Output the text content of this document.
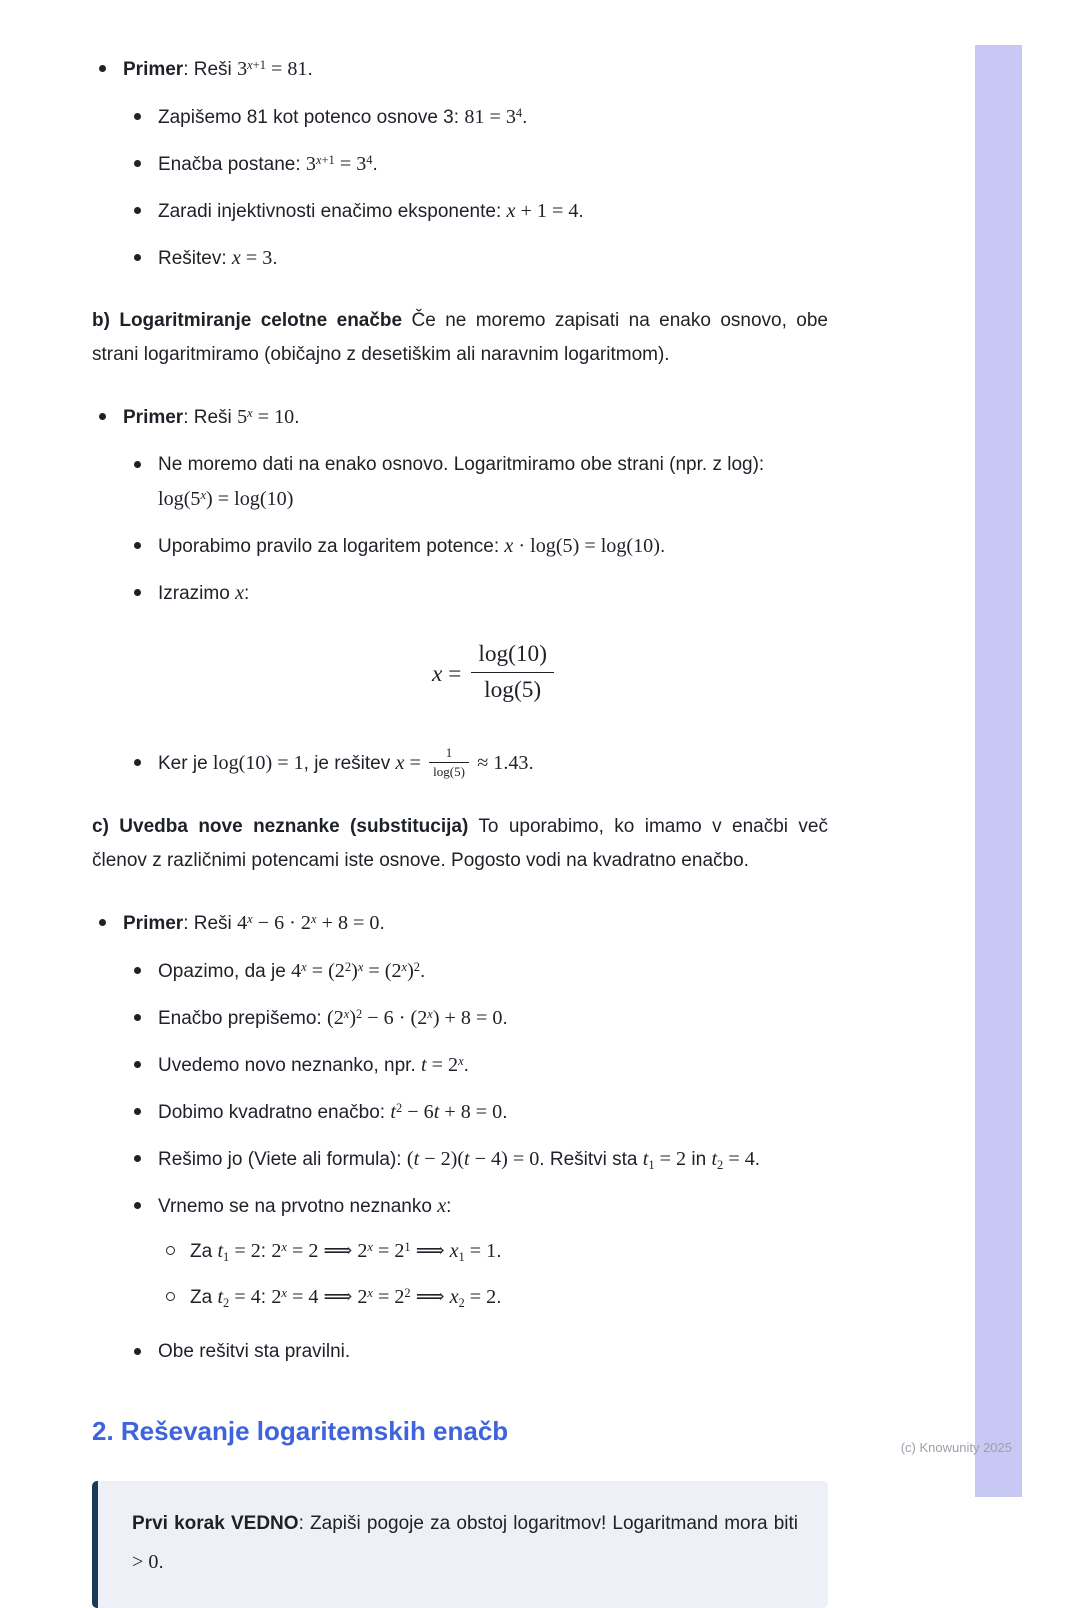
Primer: Reši $3^{x+1} = 81$.
Zapišemo 81 kot potenco osnove 3: $81 = 3^4$.
Enačba postane: $3^{x+1} = 3^4$.
Zaradi injektivnosti enačimo eksponente: x + 1 = 4.
Rešitev: x = 3.

b) Logaritmiranje celotne enačbe Če ne moremo zapisati na enako osnovo, obe strani logaritmiramo (običajno z desetiškim ali naravnim logaritmom).

Primer: Reši $5^x = 10$.
Ne moremo dati na enako osnovo. Logaritmiramo obe strani (npr. z log):
$\log(5^x) = \log(10)$
Uporabimo pravilo za logaritem potence: x · log(5) = log(10).
Izrazimo x:
$x = \frac{\log(10)}{\log(5)}$
Ker je log(10) = 1, je rešitev $x = \frac{1}{\log(5)} \approx 1.43$.

c) Uvedba nove neznanke (substitucija) To uporabimo, ko imamo v enačbi več členov z različnimi potencami iste osnove. Pogosto vodi na kvadratno enačbo.

Primer: Reši $4^x - 6 \cdot 2^x + 8 = 0$.
Opazimo, da je $4^x = (2^2)^x = (2^x)^2$.
Enačbo prepišemo: $(2^x)^2 - 6 \cdot (2^x) + 8 = 0$.
Uvedemo novo neznanko, npr. $t = 2^x$.
Dobimo kvadratno enačbo: $t^2 - 6t + 8 = 0$.
Rešimo jo (Viete ali formula): (t − 2)(t − 4) = 0. Rešitvi sta $t_1 = 2$ in $t_2 = 4$.
Vrnemo se na prvotno neznanko x:
Za $t_1 = 2$: $2^x = 2$ ⟹ $2^x = 2^1$ ⟹ $x_1 = 1$.
Za $t_2 = 4$: $2^x = 4$ ⟹ $2^x = 2^2$ ⟹ $x_2 = 2$.
Obe rešitvi sta pravilni.
2. Reševanje logaritemskih enačb

Prvi korak VEDNO: Zapiši pogoje za obstoj logaritmov! Logaritmand mora biti > 0.

(c) Knowunity 2025
